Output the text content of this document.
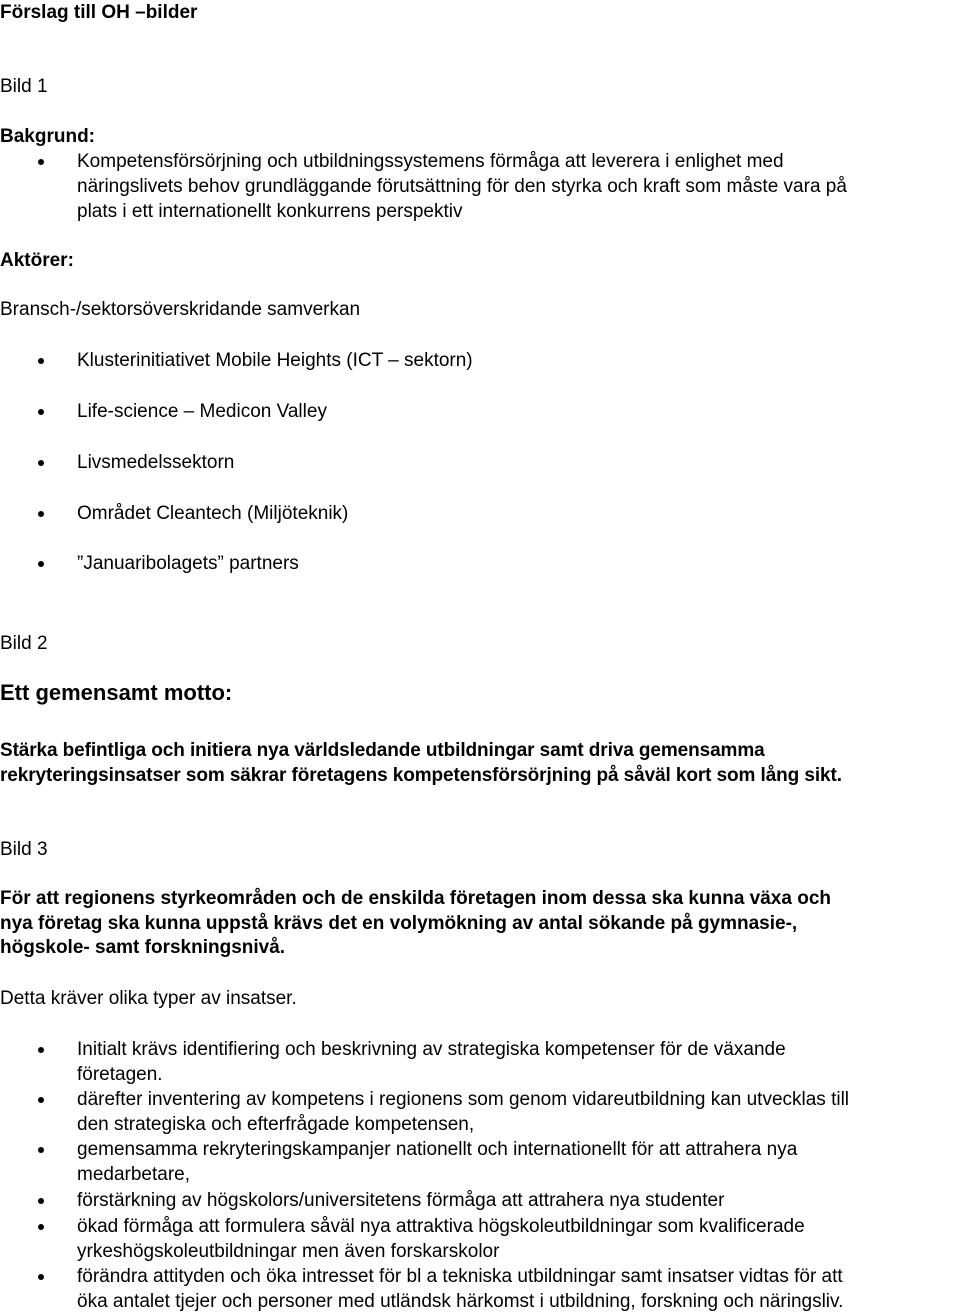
Förslag till OH –bilder
Bild 1
Bakgrund:
Kompetensförsörjning och utbildningssystemens förmåga att leverera i enlighet med
näringslivets behov grundläggande förutsättning för den styrka och kraft som måste vara på
plats i ett internationellt konkurrens perspektiv
Aktörer:
Bransch-/sektorsöverskridande samverkan
Klusterinitiativet Mobile Heights (ICT – sektorn)
Life-science – Medicon Valley
Livsmedelssektorn
Området Cleantech (Miljöteknik)
”Januaribolagets” partners
Bild 2
Ett gemensamt motto:
Stärka befintliga och initiera nya världsledande utbildningar samt driva gemensamma
rekryteringsinsatser som säkrar företagens kompetensförsörjning på såväl kort som lång sikt.
Bild 3
För att regionens styrkeområden och de enskilda företagen inom dessa ska kunna växa och
nya företag ska kunna uppstå krävs det en volymökning av antal sökande på gymnasie-,
högskole- samt forskningsnivå.
Detta kräver olika typer av insatser.
Initialt krävs identifiering och beskrivning av strategiska kompetenser för de växande
företagen.
därefter inventering av kompetens i regionens som genom vidareutbildning kan utvecklas till
den strategiska och efterfrågade kompetensen,
gemensamma rekryteringskampanjer nationellt och internationellt för att attrahera nya
medarbetare,
förstärkning av högskolors/universitetens förmåga att attrahera nya studenter
ökad förmåga att formulera såväl nya attraktiva högskoleutbildningar som kvalificerade
yrkeshögskoleutbildningar men även forskarskolor
förändra attityden och öka intresset för bl a tekniska utbildningar samt insatser vidtas för att
öka antalet tjejer och personer med utländsk härkomst i utbildning, forskning och näringsliv.
